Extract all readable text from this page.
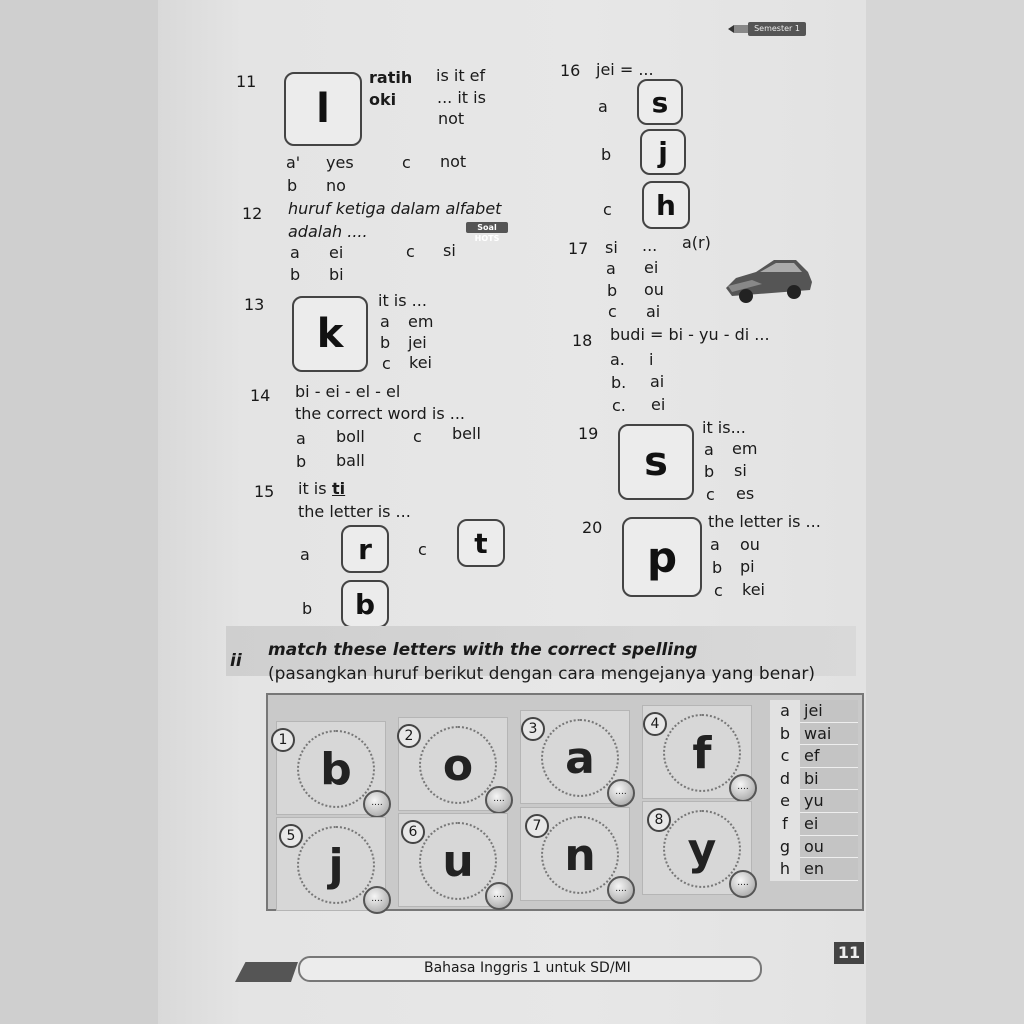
Semester 1
11
l
ratih is it ef
oki	... it is
not
a' yes	c not
b no
12 huruf ketiga dalam alfabet
adalah ....	Soal HOTS
a ei	c si
b bi
13
k
it is ...
a em
b jei
c kei
14 bi - ei - el - el
the correct word is ...
a boll	c bell
b ball
15 it is ti
the letter is ...
a	r	c	t
b	b
16 jei = ...
a	s
b	j
c	h
17 si ... a(r)
a ei
b ou
c ai
18 budi = bi - yu - di ...
a. i
b. ai
c. ei
19
s
it is...
a em
b si
c es
20
p
the letter is ...
a ou
b pi
c kei
ii
match these letters with the correct spelling
(pasangkan huruf berikut dengan cara mengejanya yang benar)
b
1
....
o
2
....
a
3
....
f
4
....
j
5
....
u
6
....
n
7
....
y
8
....
a jei
b wai
c ef
d bi
e yu
f	ei
g ou
h en
Bahasa Inggris 1 untuk SD/MI
11
